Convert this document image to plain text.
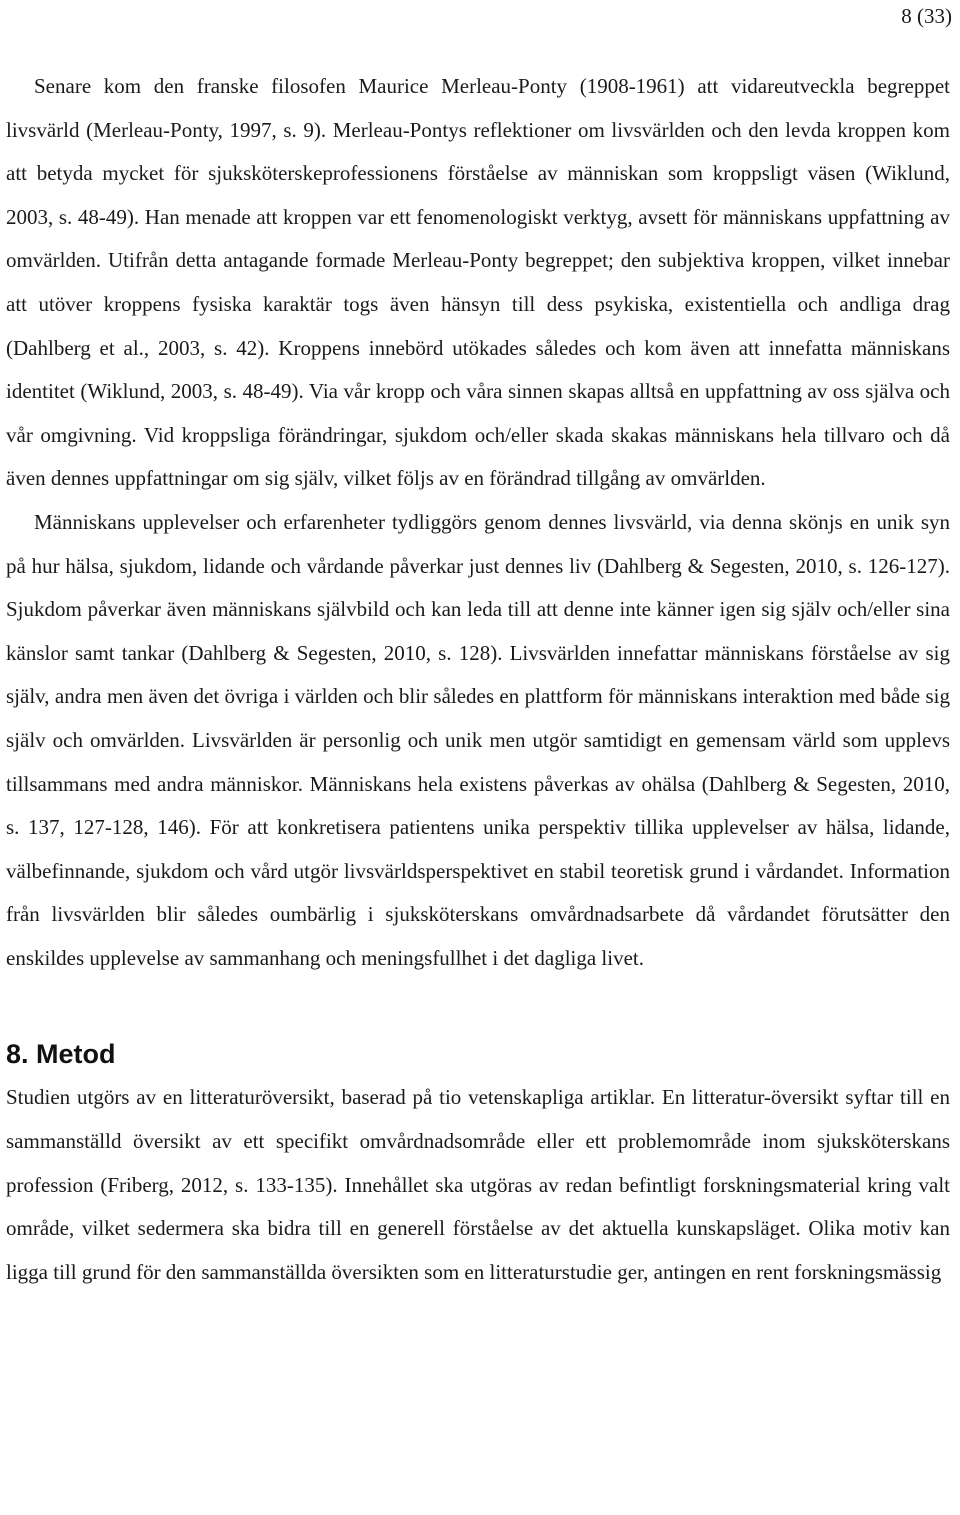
8 (33)

Senare kom den franske filosofen Maurice Merleau-Ponty (1908-1961) att vidareutveckla begreppet livsvärld (Merleau-Ponty, 1997, s. 9). Merleau-Pontys reflektioner om livsvärlden och den levda kroppen kom att betyda mycket för sjuksköterskeprofessionens förståelse av människan som kroppsligt väsen (Wiklund, 2003, s. 48-49). Han menade att kroppen var ett fenomenologiskt verktyg, avsett för människans uppfattning av omvärlden. Utifrån detta antagande formade Merleau-Ponty begreppet; den subjektiva kroppen, vilket innebar att utöver kroppens fysiska karaktär togs även hänsyn till dess psykiska, existentiella och andliga drag (Dahlberg et al., 2003, s. 42). Kroppens innebörd utökades således och kom även att innefatta människans identitet (Wiklund, 2003, s. 48-49). Via vår kropp och våra sinnen skapas alltså en uppfattning av oss själva och vår omgivning. Vid kroppsliga förändringar, sjukdom och/eller skada skakas människans hela tillvaro och då även dennes uppfattningar om sig själv, vilket följs av en förändrad tillgång av omvärlden.

Människans upplevelser och erfarenheter tydliggörs genom dennes livsvärld, via denna skönjs en unik syn på hur hälsa, sjukdom, lidande och vårdande påverkar just dennes liv (Dahlberg & Segesten, 2010, s. 126-127). Sjukdom påverkar även människans självbild och kan leda till att denne inte känner igen sig själv och/eller sina känslor samt tankar (Dahlberg & Segesten, 2010, s. 128). Livsvärlden innefattar människans förståelse av sig själv, andra men även det övriga i världen och blir således en plattform för människans interaktion med både sig själv och omvärlden. Livsvärlden är personlig och unik men utgör samtidigt en gemensam värld som upplevs tillsammans med andra människor. Människans hela existens påverkas av ohälsa (Dahlberg & Segesten, 2010, s. 137, 127-128, 146). För att konkretisera patientens unika perspektiv tillika upplevelser av hälsa, lidande, välbefinnande, sjukdom och vård utgör livsvärldsperspektivet en stabil teoretisk grund i vårdandet. Information från livsvärlden blir således oumbärlig i sjuksköterskans omvårdnadsarbete då vårdandet förutsätter den enskildes upplevelse av sammanhang och meningsfullhet i det dagliga livet.

8. Metod

Studien utgörs av en litteraturöversikt, baserad på tio vetenskapliga artiklar. En litteratur-översikt syftar till en sammanställd översikt av ett specifikt omvårdnadsområde eller ett problemområde inom sjuksköterskans profession (Friberg, 2012, s. 133-135). Innehållet ska utgöras av redan befintligt forskningsmaterial kring valt område, vilket sedermera ska bidra till en generell förståelse av det aktuella kunskapsläget. Olika motiv kan ligga till grund för den sammanställda översikten som en litteraturstudie ger, antingen en rent forskningsmässig
